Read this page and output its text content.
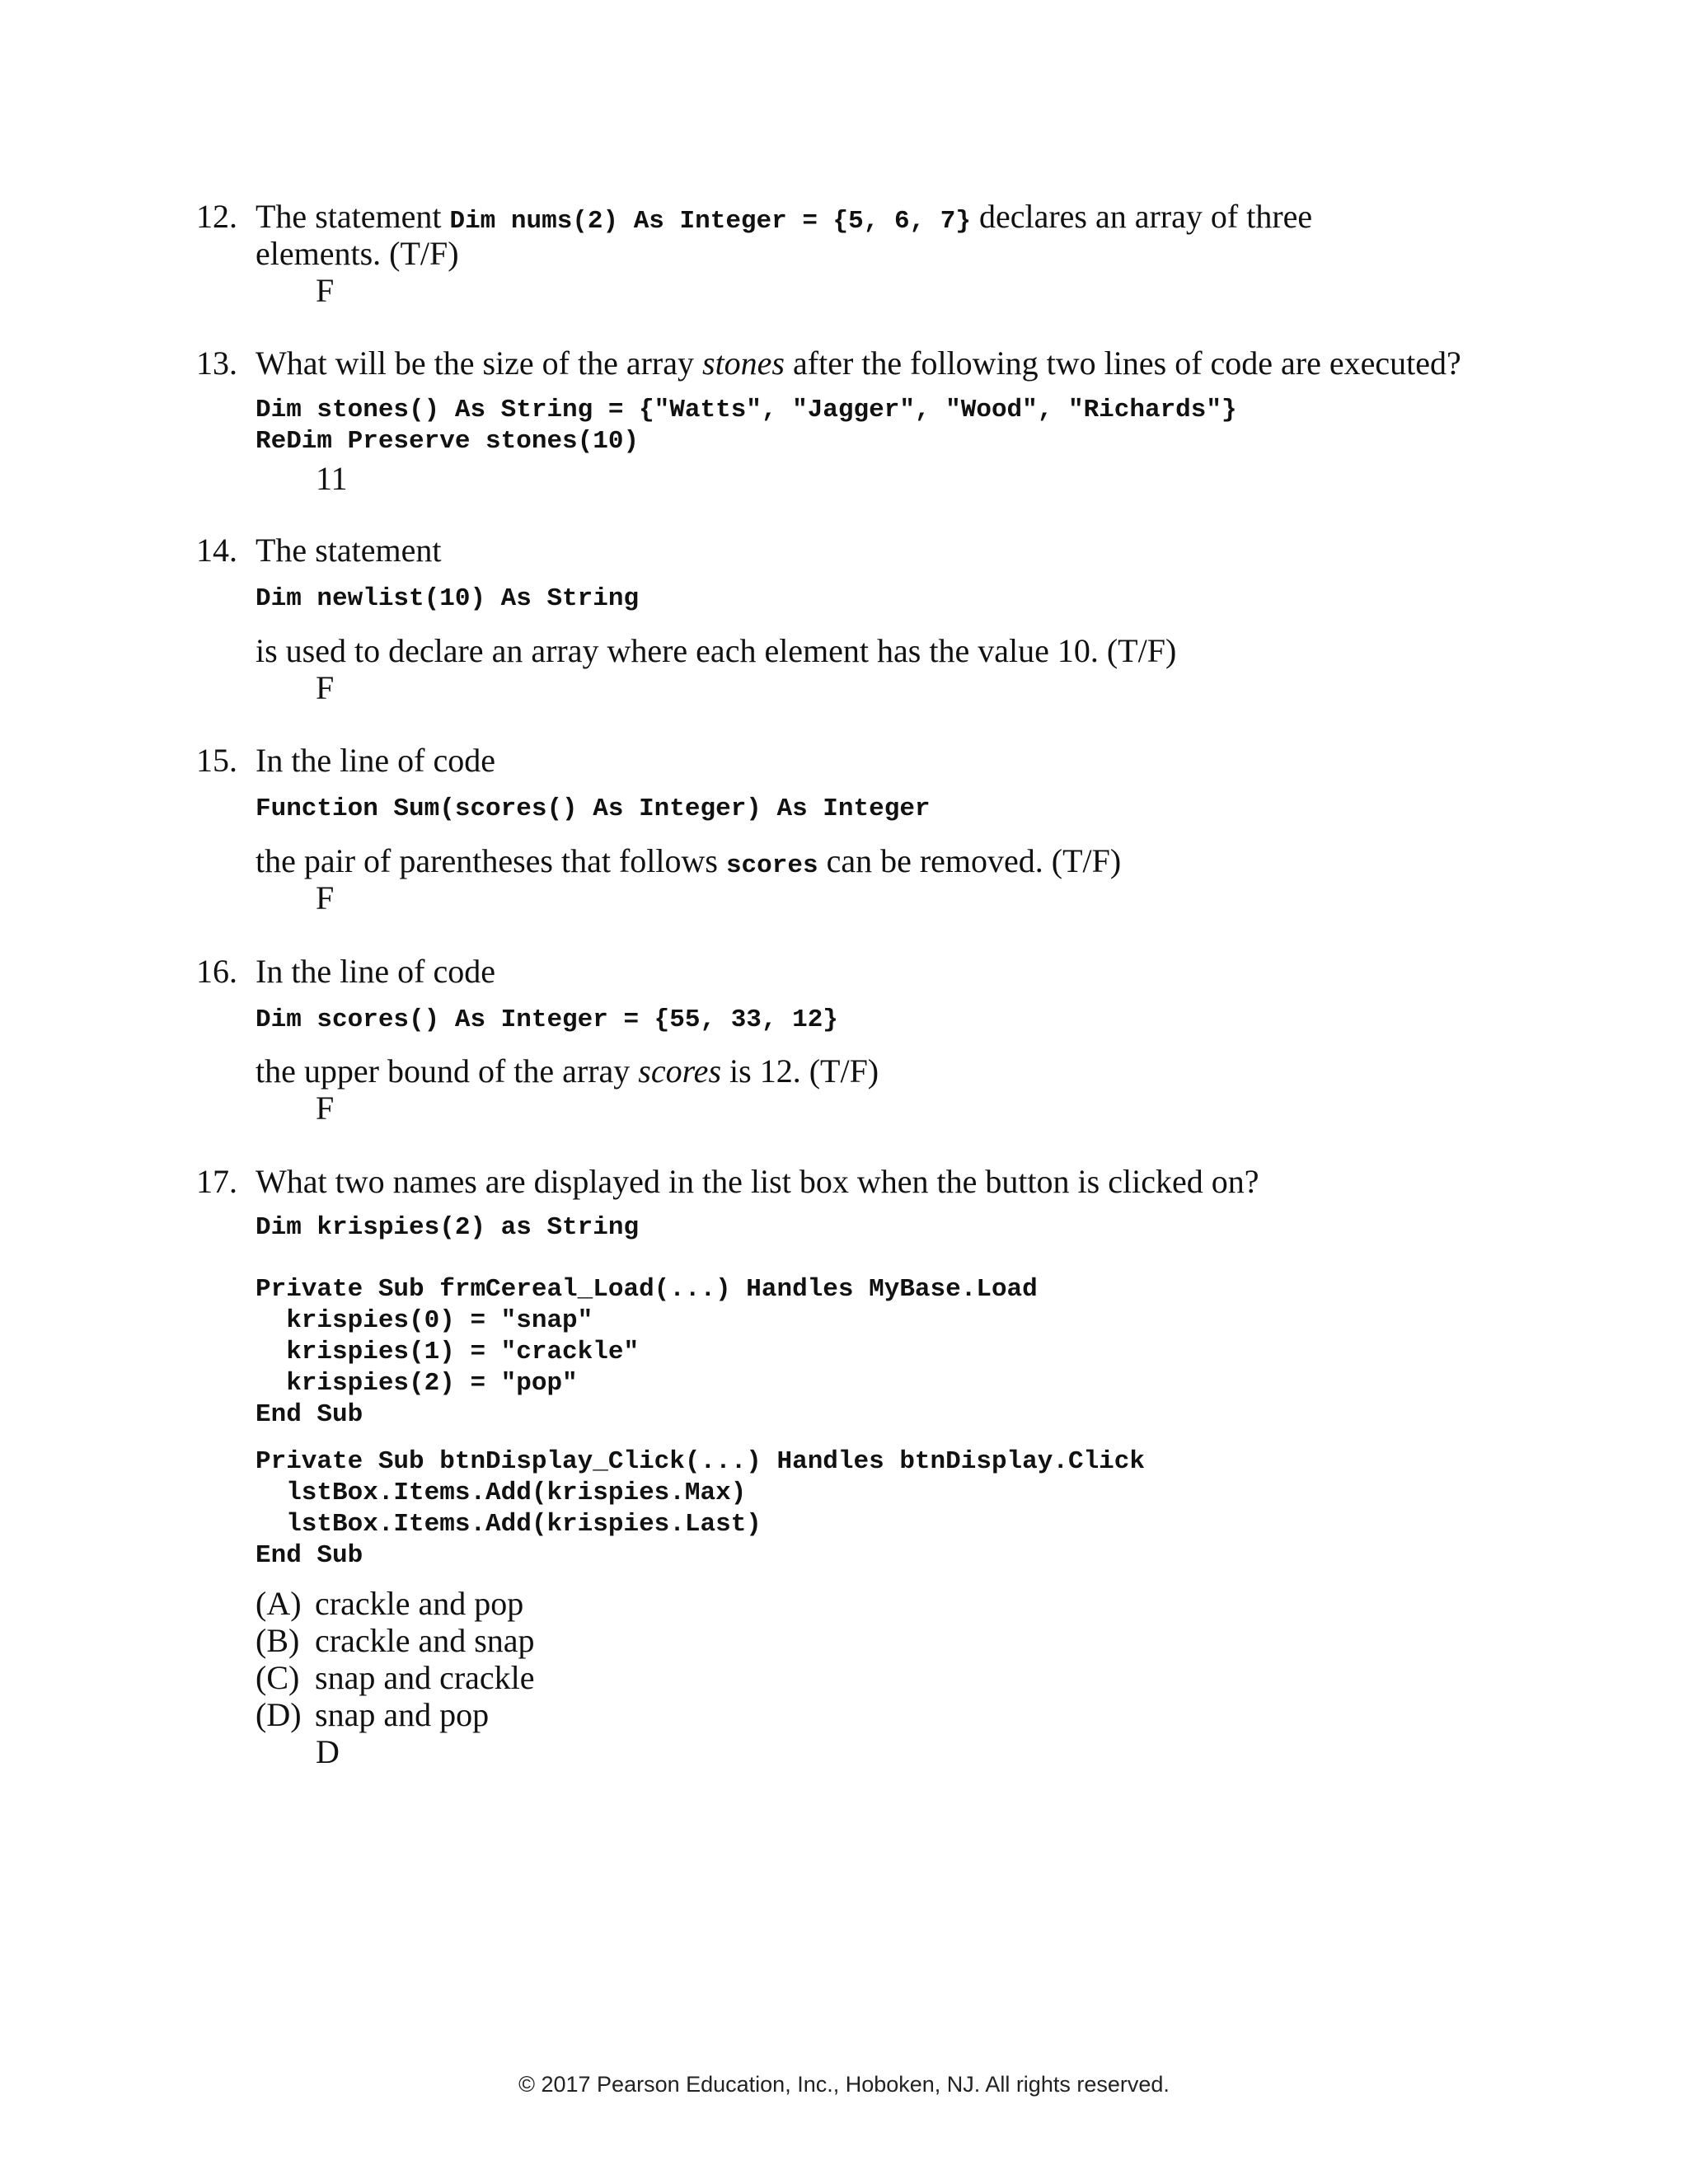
12. The statement Dim nums(2) As Integer = {5, 6, 7} declares an array of three
elements. (T/F)
F
13. What will be the size of the array stones after the following two lines of code are executed?
Dim stones() As String = {"Watts", "Jagger", "Wood", "Richards"}
ReDim Preserve stones(10)
11
14. The statement
Dim newlist(10) As String
is used to declare an array where each element has the value 10. (T/F)
F
15. In the line of code
Function Sum(scores() As Integer) As Integer
the pair of parentheses that follows scores can be removed. (T/F)
F
16. In the line of code
Dim scores() As Integer = {55, 33, 12}
the upper bound of the array scores is 12. (T/F)
F
17. What two names are displayed in the list box when the button is clicked on?
Dim krispies(2) as String
Private Sub frmCereal_Load(...) Handles MyBase.Load
krispies(0) = "snap"
krispies(1) = "crackle"
krispies(2) = "pop"
End Sub
Private Sub btnDisplay_Click(...) Handles btnDisplay.Click
lstBox.Items.Add(krispies.Max)
lstBox.Items.Add(krispies.Last)
End Sub
(A) crackle and pop
(B) crackle and snap
(C) snap and crackle
(D) snap and pop
D
© 2017 Pearson Education, Inc., Hoboken, NJ. All rights reserved.
